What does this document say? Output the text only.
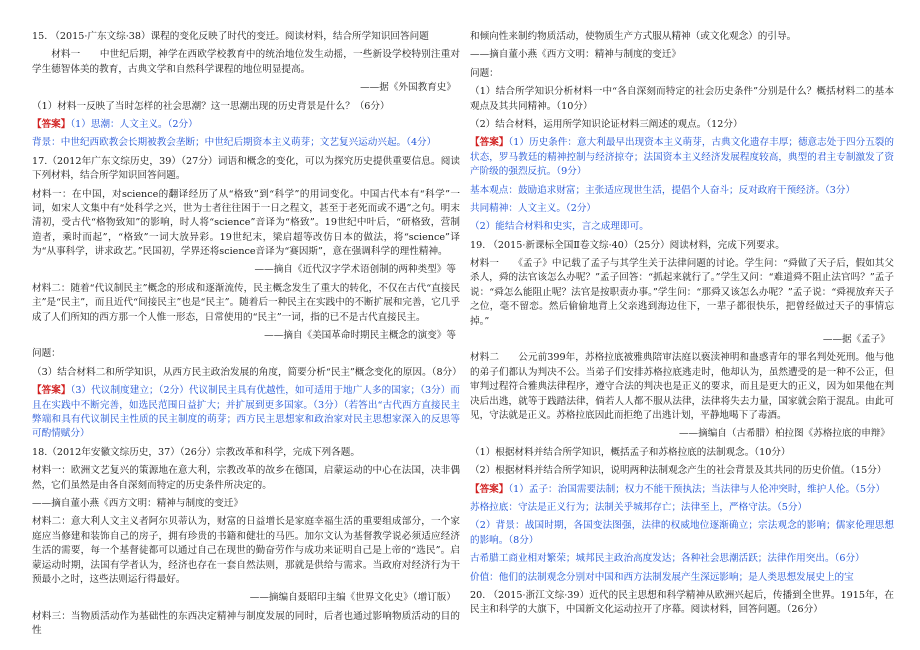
15. （2015·广东文综·38）课程的变化反映了时代的变迁。阅读材料，结合所学知识回答问题

材料一　　中世纪后期，神学在西欧学校教育中的统治地位发生动摇，一些新设学校特别注重对学生德智体美的教育，古典文学和自然科学课程的地位明显提高。

——据《外国教育史》

（1）材料一反映了当时怎样的社会思潮？这一思潮出现的历史背景是什么？（6分）

【答案】（1）思潮：人文主义。（2分）

背景：中世纪西欧教会长期被教会垄断；中世纪后期资本主义萌芽；文艺复兴运动兴起。（4分）

17.（2012年广东文综历史，39）（27分）词语和概念的变化，可以为探究历史提供重要信息。阅读下列材料，结合所学知识回答问题。

材料一：在中国，对science的翻译经历了从“格致”到“科学”的用词变化。中国古代本有“科学”一词，如宋人文集中有“处科学之兴，世为士者往往困于一日之程文，甚至于老死而或不遇”之句。明末清初，受古代“格物致知”的影响，时人将“science”音译为“格致”。19世纪中叶后，“研格致，营制造者，乘时而起”，“格致”一词大放异彩。19世纪末，梁启超等改仿日本的做法，将“science”译为“从事科学，讲求政艺。”民国初，学界还将science音译为“赛因斯”，意在强调科学的理性精神。

——摘自《近代汉字学术语创制的两种类型》等

材料二：随着“代议制民主”概念的形成和逐渐流传，民主概念发生了重大的转化，不仅在古代“直接民主”是“民主”，而且近代“间接民主”也是“民主”。随着后一种民主在实践中的不断扩展和完善，它几乎成了人们所知的西方那一个人惟一形态，日常使用的“民主”一词，指的已不是古代直接民主。

——摘自《美国革命时期民主概念的演变》等

问题：

（3）结合材料二和所学知识，从西方民主政治发展的角度，简要分析“民主”概念变化的原因。（8分）

【答案】（3）代议制度建立；（2分）代议制民主具有优越性，如可适用于地广人多的国家；（3分）而且在实践中不断完善，如选民范围日益扩大；并扩展到更多国家。（3分）（若答出“古代西方直接民主弊端和具有代议制民主性质的民主制度的萌芽；西方民主思想家和政治家对民主思想家深入的反思等可酌情赋分）

18.（2012年安徽文综历史，37）（26分）宗教改革和科学，完成下列各题。

材料一：欧洲文艺复兴的策源地在意大利，宗教改革的故乡在德国，启蒙运动的中心在法国，决非偶然，它们虽然是由各自深刻而特定的历史条件所决定的。

——摘自董小燕《西方文明：精神与制度的变迁》

材料二：意大利人文主义者阿尔贝蒂认为，财富的日益增长是家庭幸福生活的重要组成部分，一个家庭应当修建和装饰自己的房子，拥有珍贵的书籍和健壮的马匹。加尔文认为基督教学说必须适应经济生活的需要，每一个基督徒都可以通过自己在现世的勤奋劳作与成功来证明自己是上帝的“选民”。启蒙运动时期，法国有学者认为，经济也存在一套自然法则，那就是供给与需求。当政府对经济行为干预最小之时，这些法则运行得最好。

——摘编自聂昭印主编《世界文化史》（增订版）

材料三：当物质活动作为基础性的东西决定精神与制度发展的同时，后者也通过影响物质活动的目的性

和倾向性来制约物质活动，使物质生产方式服从精神（或文化观念）的引导。

——摘自董小燕《西方文明：精神与制度的变迁》

问题：

（1）结合所学知识分析材料一中“各自深刻而特定的社会历史条件”分别是什么？概括材料二的基本观点及其共同精神。（10分）

（2）结合材料，运用所学知识论证材料三阐述的观点。（12分）

【答案】（1）历史条件：意大利最早出现资本主义萌芽，古典文化遗存丰厚；德意志处于四分五裂的状态，罗马教廷的精神控制与经济掠夺；法国资本主义经济发展程度较高，典型的君主专制激发了资产阶级的强烈反抗。（9分）

基本观点：鼓励追求财富；主张适应现世生活，提倡个人奋斗；反对政府干预经济。（3分）

共同精神：人文主义。（2分）

（2）能结合材料和史实，言之成理即可。

19. （2015·新课标全国Ⅱ卷文综·40）（25分）阅读材料，完成下列要求。

材料一　　《孟子》中记载了孟子与其学生关于法律问题的讨论。学生问：“舜做了天子后，假如其父杀人，舜的法官该怎么办呢？”孟子回答：“抓起来就行了。”学生又问：“难道舜不阻止法官吗？”孟子说：“舜怎么能阻止呢？法官是按职责办事。”学生问：“那舜又该怎么办呢？”孟子说：“舜视放弃天子之位，毫不留恋。然后偷偷地背上父亲逃到海边住下，一辈子都很快乐，把曾经做过天子的事情忘掉。”

——据《孟子》

材料二　　公元前399年，苏格拉底被雅典陪审法庭以亵渎神明和蛊惑青年的罪名判处死刑。他与他的弟子们都认为判决不公。当弟子们安排苏格拉底逃走时，他却认为，虽然遭受的是一种不公正，但审判过程符合雅典法律程序，遵守合法的判决也是正义的要求，而且是更大的正义，因为如果他在判决后出逃，就等于践踏法律，倘若人人都不服从法律，法律将失去力量，国家就会陷于混乱。由此可见，守法就是正义。苏格拉底因此而拒绝了出逃计划，平静地喝下了毒酒。

——摘编自（古希腊）柏拉图《苏格拉底的申辩》

（1）根据材料并结合所学知识，概括孟子和苏格拉底的法制观念。（10分）

（2）根据材料并结合所学知识，说明两种法制观念产生的社会背景及其共同的历史价值。（15分）

【答案】（1）孟子：治国需要法制；权力不能干预执法；当法律与人伦冲突时，维护人伦。（5分）

苏格拉底：守法是正义行为；法制关乎城邦存亡；法律至上，严格守法。（5分）

（2）背景：战国时期，各国变法图强，法律的权威地位逐渐确立；宗法观念的影响；儒家伦理思想的影响。（8分）

古希腊工商业相对繁荣；城邦民主政治高度发达；各种社会思潮活跃；法律作用突出。（6分）

价值：他们的法制观念分别对中国和西方法制发展产生深远影响；是人类思想发展史上的宝

20. （2015·浙江文综·39）近代的民主思想和科学精神从欧洲兴起后，传播到全世界。1915年，在民主和科学的大旗下，中国新文化运动拉开了序幕。阅读材料，回答问题。（26分）
